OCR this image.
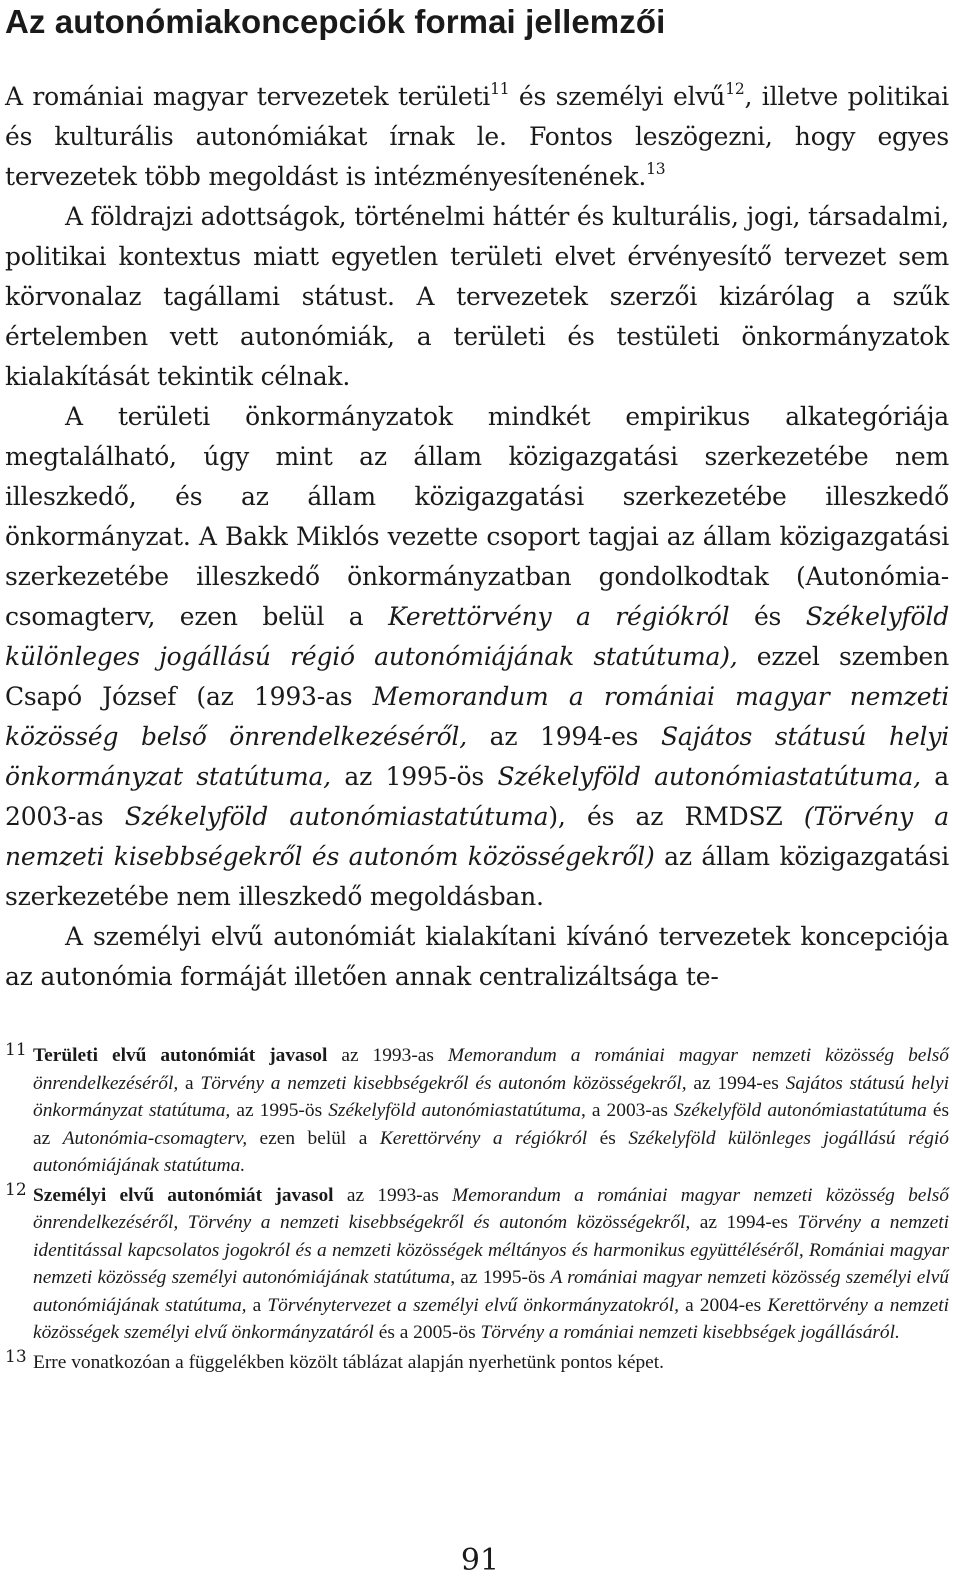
Az autonómiakoncepciók formai jellemzői

A romániai magyar tervezetek területi$^{11}$ és személyi elvű$^{12}$, illetve politikai és kulturális autonómiákat írnak le. Fontos leszögezni, hogy egyes tervezetek több megoldást is intézményesítenének.$^{13}$

A földrajzi adottságok, történelmi háttér és kulturális, jogi, társadalmi, politikai kontextus miatt egyetlen területi elvet érvényesítő tervezet sem körvonalaz tagállami státust. A tervezetek szerzői kizárólag a szűk értelemben vett autonómiák, a területi és testületi önkormányzatok kialakítását tekintik célnak.

A területi önkormányzatok mindkét empirikus alkategóriája megtalálható, úgy mint az állam közigazgatási szerkezetébe nem illeszkedő, és az állam közigazgatási szerkezetébe illeszkedő önkormányzat. A Bakk Miklós vezette csoport tagjai az állam közigazgatási szerkezetébe illeszkedő önkormányzatban gondolkodtak (Autonómia-csomagterv, ezen belül a Kerettörvény a régiókról és Székelyföld különleges jogállású régió autonómiájának statútuma), ezzel szemben Csapó József (az 1993-as Memorandum a romániai magyar nemzeti közösség belső önrendelkezéséről, az 1994-es Sajátos státusú helyi önkormányzat statútuma, az 1995-ös Székelyföld autonómiastatútuma, a 2003-as Székelyföld autonómiastatútuma), és az RMDSZ (Törvény a nemzeti kisebbségekről és autonóm közösségekről) az állam közigazgatási szerkezetébe nem illeszkedő megoldásban.

A személyi elvű autonómiát kialakítani kívánó tervezetek koncepciója az autonómia formáját illetően annak centralizáltsága te-

11 Területi elvű autonómiát javasol az 1993-as Memorandum a romániai magyar nemzeti közösség belső önrendelkezéséről, a Törvény a nemzeti kisebbségekről és autonóm közösségekről, az 1994-es Sajátos státusú helyi önkormányzat statútuma, az 1995-ös Székelyföld autonómiastatútuma, a 2003-as Székelyföld autonómiastatútuma és az Autonómia-csomagterv, ezen belül a Kerettörvény a régiókról és Székelyföld különleges jogállású régió autonómiájának statútuma.

12 Személyi elvű autonómiát javasol az 1993-as Memorandum a romániai magyar nemzeti közösség belső önrendelkezéséről, Törvény a nemzeti kisebbségekről és autonóm közösségekről, az 1994-es Törvény a nemzeti identitással kapcsolatos jogokról és a nemzeti közösségek méltányos és harmonikus együttéléséről, Romániai magyar nemzeti közösség személyi autonómiájának statútuma, az 1995-ös A romániai magyar nemzeti közösség személyi elvű autonómiájának statútuma, a Törvénytervezet a személyi elvű önkormányzatokról, a 2004-es Kerettörvény a nemzeti közösségek személyi elvű önkormányzatáról és a 2005-ös Törvény a romániai nemzeti kisebbségek jogállásáról.

13 Erre vonatkozóan a függelékben közölt táblázat alapján nyerhetünk pontos képet.

91
